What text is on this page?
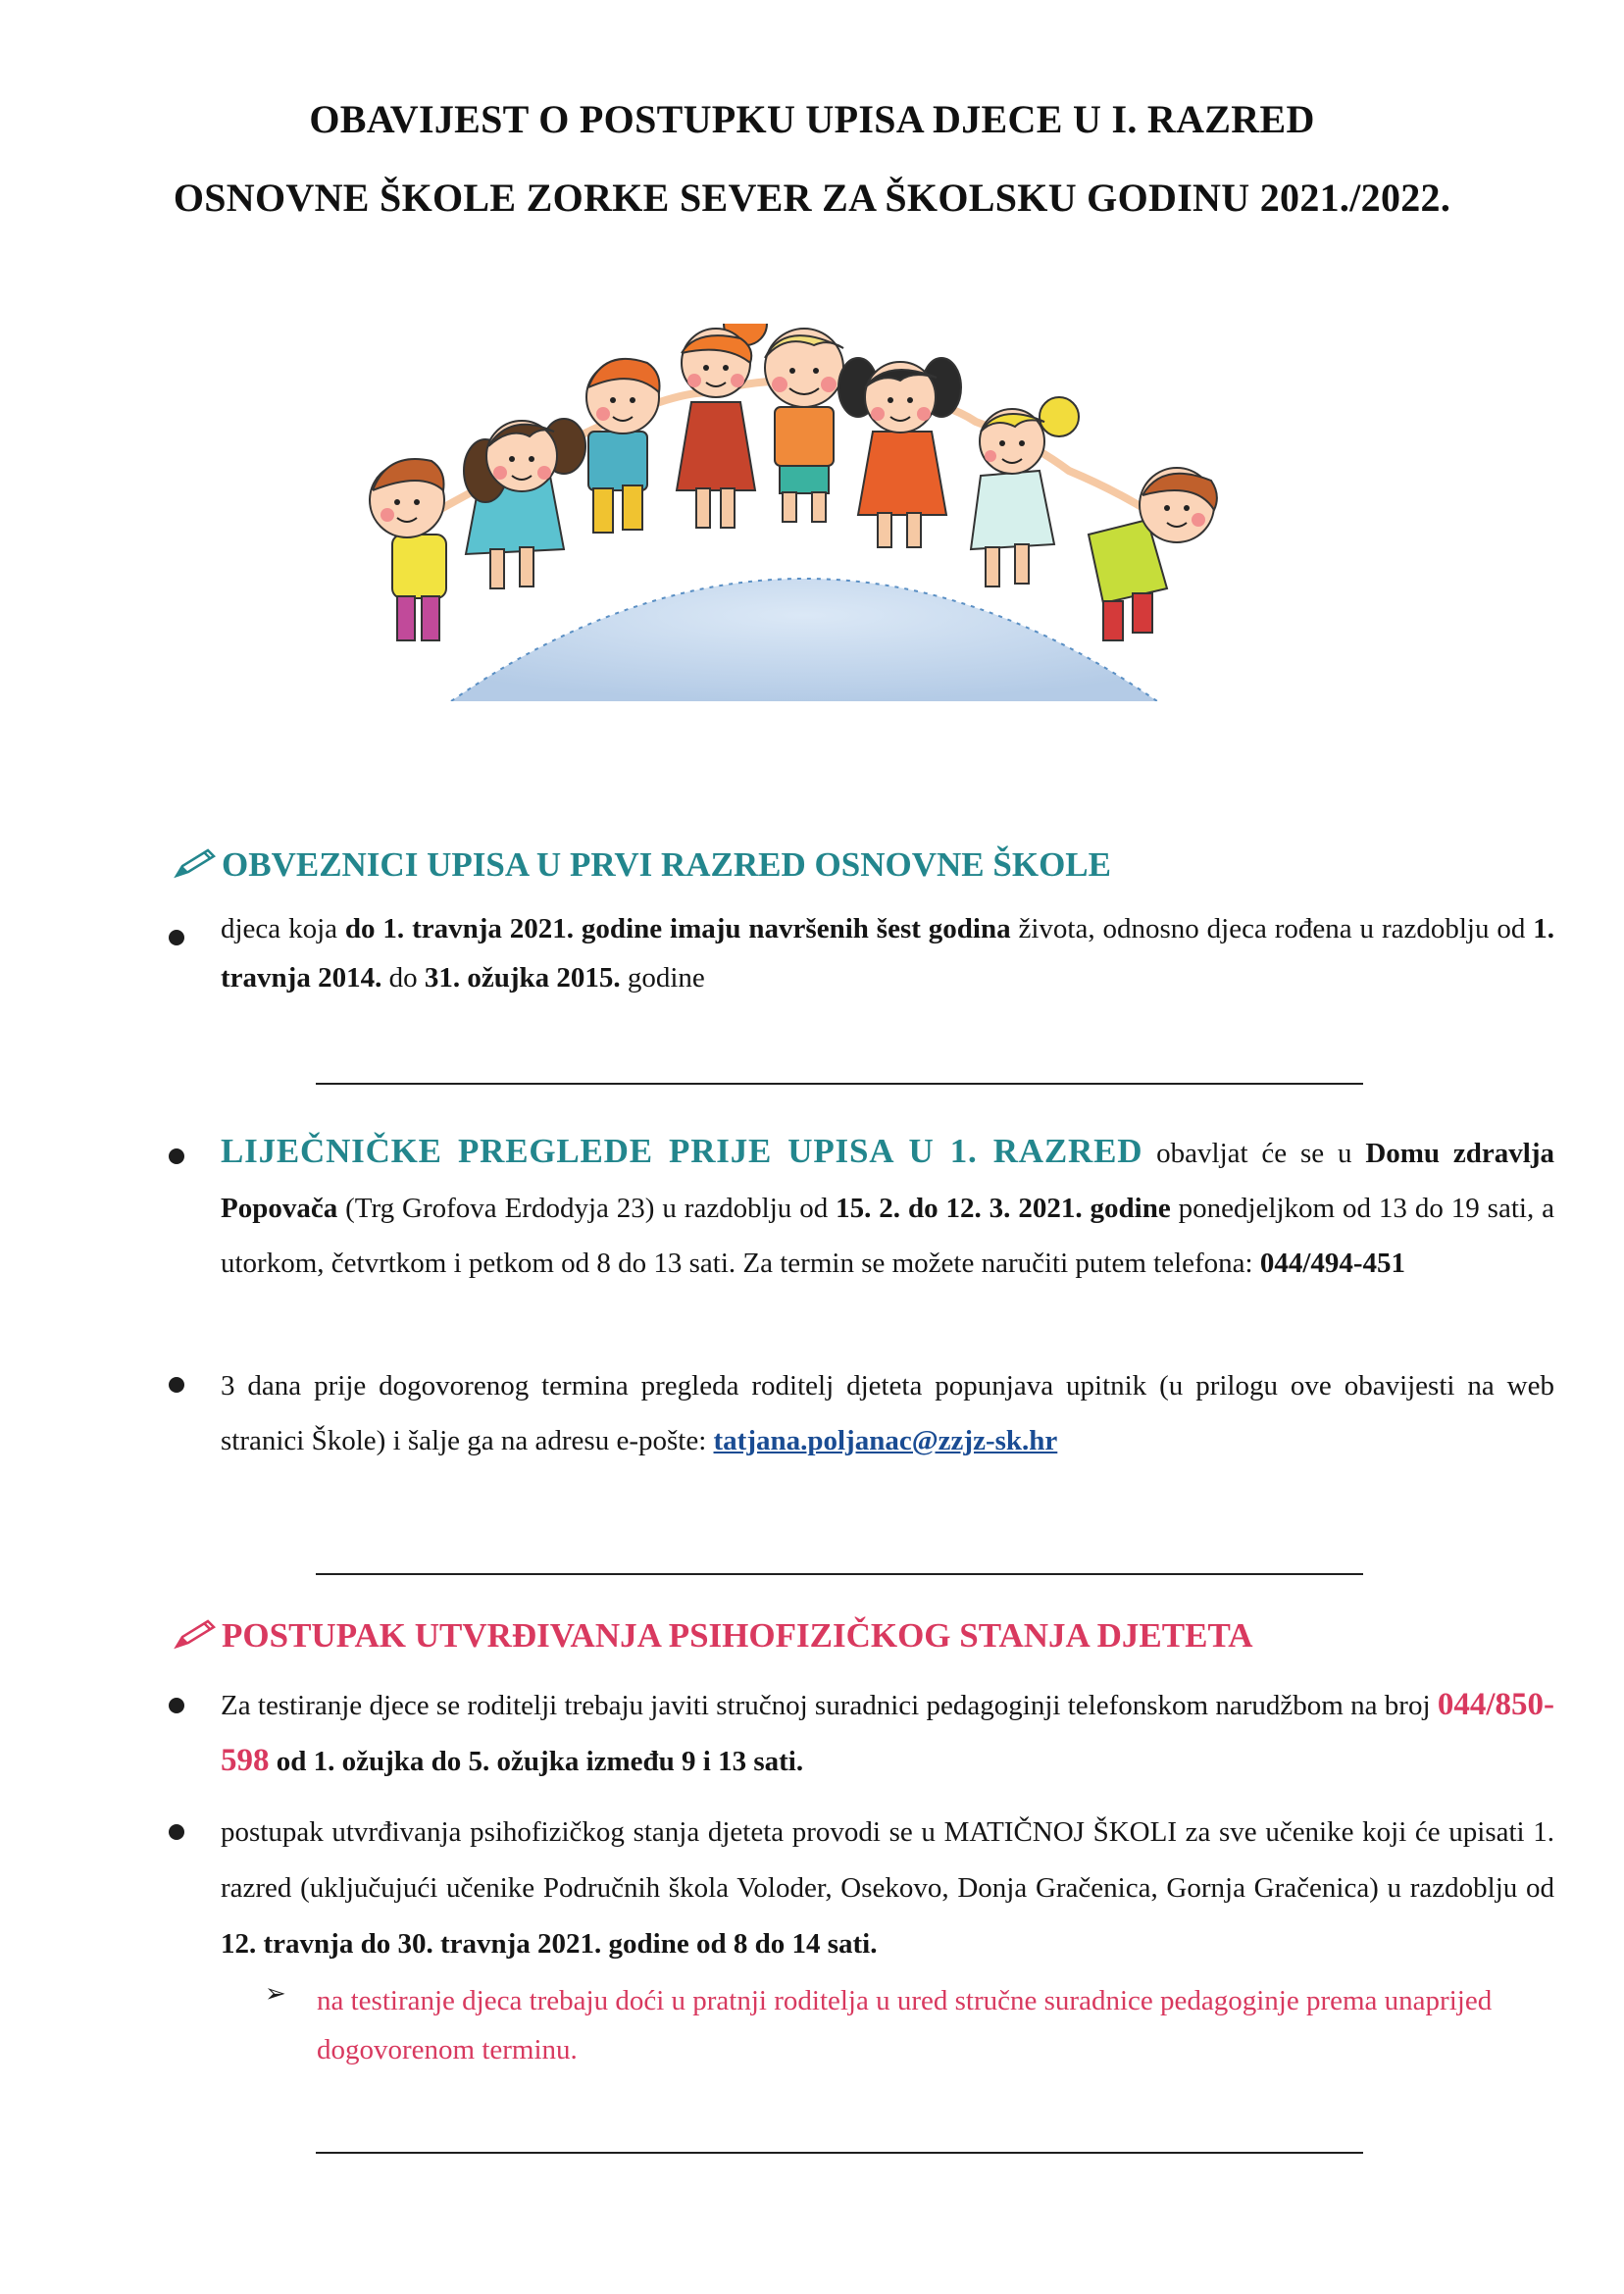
OBAVIJEST O POSTUPKU UPISA DJECE U I. RAZRED
OSNOVNE ŠKOLE ZORKE SEVER ZA ŠKOLSKU GODINU 2021./2022.
OBVEZNICI UPISA U PRVI RAZRED OSNOVNE ŠKOLE
djeca koja do 1. travnja 2021. godine imaju navršenih šest godina života, odnosno djeca rođena u razdoblju od 1. travnja 2014. do 31. ožujka 2015. godine
LIJEČNIČKE PREGLEDE PRIJE UPISA U 1. RAZRED obavljat će se u Domu zdravlja Popovača (Trg Grofova Erdodyja 23) u razdoblju od 15. 2. do 12. 3. 2021. godine ponedjeljkom od 13 do 19 sati, a utorkom, četvrtkom i petkom od 8 do 13 sati. Za termin se možete naručiti putem telefona: 044/494-451
3 dana prije dogovorenog termina pregleda roditelj djeteta popunjava upitnik (u prilogu ove obavijesti na web stranici Škole) i šalje ga na adresu e-pošte: tatjana.poljanac@zzjz-sk.hr
POSTUPAK UTVRĐIVANJA PSIHOFIZIČKOG STANJA DJETETA
Za testiranje djece se roditelji trebaju javiti stručnoj suradnici pedagoginji telefonskom narudžbom na broj 044/850-598 od 1. ožujka do 5. ožujka između 9 i 13 sati.
postupak utvrđivanja psihofizičkog stanja djeteta provodi se u MATIČNOJ ŠKOLI za sve učenike koji će upisati 1. razred (uključujući učenike Područnih škola Voloder, Osekovo, Donja Gračenica, Gornja Gračenica) u razdoblju od 12. travnja do 30. travnja 2021. godine od 8 do 14 sati.
➢ na testiranje djeca trebaju doći u pratnji roditelja u ured stručne suradnice pedagoginje prema unaprijed dogovorenom terminu.
